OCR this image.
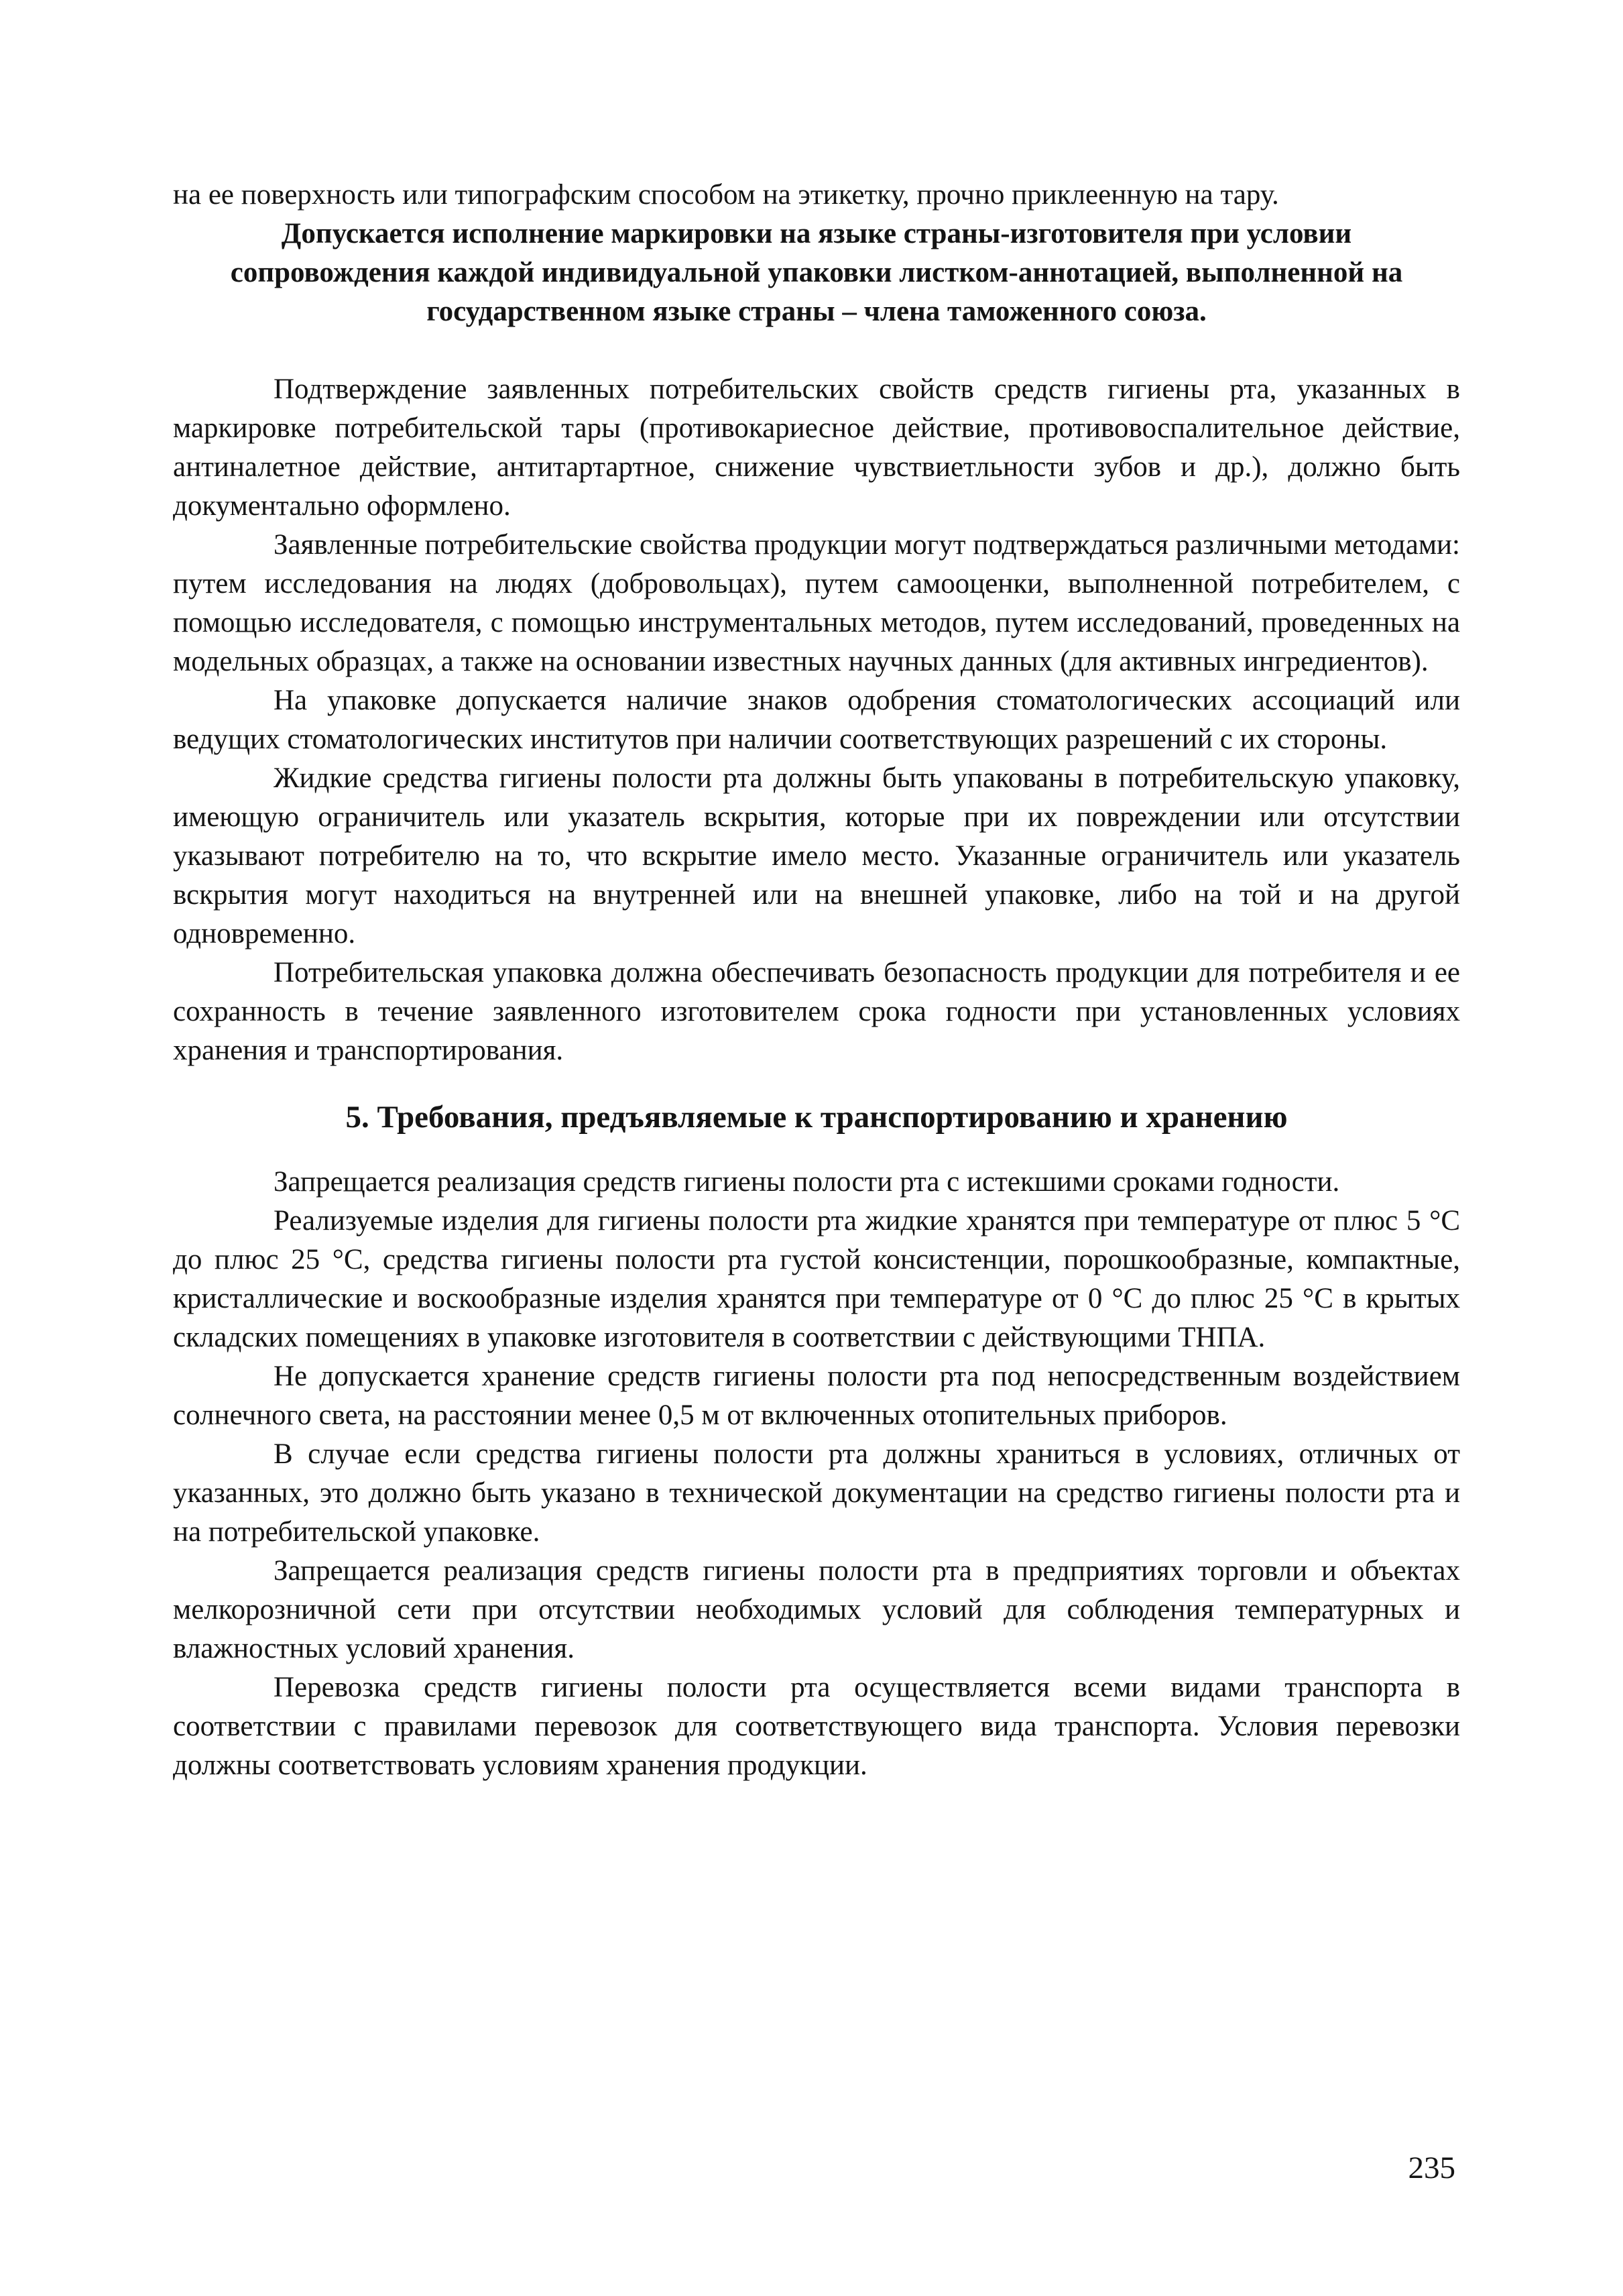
на ее поверхность или типографским способом на этикетку, прочно приклеенную на тару.

Допускается исполнение маркировки на языке страны-изготовителя при условии сопровождения каждой индивидуальной упаковки листком-аннотацией, выполненной на государственном языке страны – члена таможенного союза.

Подтверждение заявленных потребительских свойств средств гигиены рта, указанных в маркировке потребительской тары (противокариесное действие, противовоспалительное действие, антиналетное действие, антитартартное, снижение чувствиетльности зубов и др.), должно быть документально оформлено.

Заявленные потребительские свойства продукции могут подтверждаться различными методами: путем исследования на людях (добровольцах), путем самооценки, выполненной потребителем, с помощью исследователя, с помощью инструментальных методов, путем исследований, проведенных на модельных образцах, а также на основании известных научных данных (для активных ингредиентов).

На упаковке допускается наличие знаков одобрения стоматологических ассоциаций или ведущих стоматологических институтов при наличии соответствующих разрешений с их стороны.

Жидкие средства гигиены полости рта должны быть упакованы в потребительскую упаковку, имеющую ограничитель или указатель вскрытия, которые при их повреждении или отсутствии указывают потребителю на то, что вскрытие имело место. Указанные ограничитель или указатель вскрытия могут находиться на внутренней или на внешней упаковке, либо на той и на другой одновременно.

Потребительская упаковка должна обеспечивать безопасность продукции для потребителя и ее сохранность в течение заявленного изготовителем срока годности при установленных условиях хранения и транспортирования.

5. Требования, предъявляемые к транспортированию и хранению

Запрещается реализация средств гигиены полости рта с истекшими сроками годности.

Реализуемые изделия для гигиены полости рта жидкие хранятся при температуре от плюс 5 °С до плюс 25 °С, средства гигиены полости рта густой консистенции, порошкообразные, компактные, кристаллические и воскообразные изделия хранятся при температуре от 0 °С до плюс 25 °С в крытых складских помещениях в упаковке изготовителя в соответствии с действующими ТНПА.

Не допускается хранение средств гигиены полости рта под непосредственным воздействием солнечного света, на расстоянии менее 0,5 м от включенных отопительных приборов.

В случае если средства гигиены полости рта должны храниться в условиях, отличных от указанных, это должно быть указано в технической документации на средство гигиены полости рта и на потребительской упаковке.

Запрещается реализация средств гигиены полости рта в предприятиях торговли и объектах мелкорозничной сети при отсутствии необходимых условий для соблюдения температурных и влажностных условий хранения.

Перевозка средств гигиены полости рта осуществляется всеми видами транспорта в соответствии с правилами перевозок для соответствующего вида транспорта. Условия перевозки должны соответствовать условиям хранения продукции.

235
